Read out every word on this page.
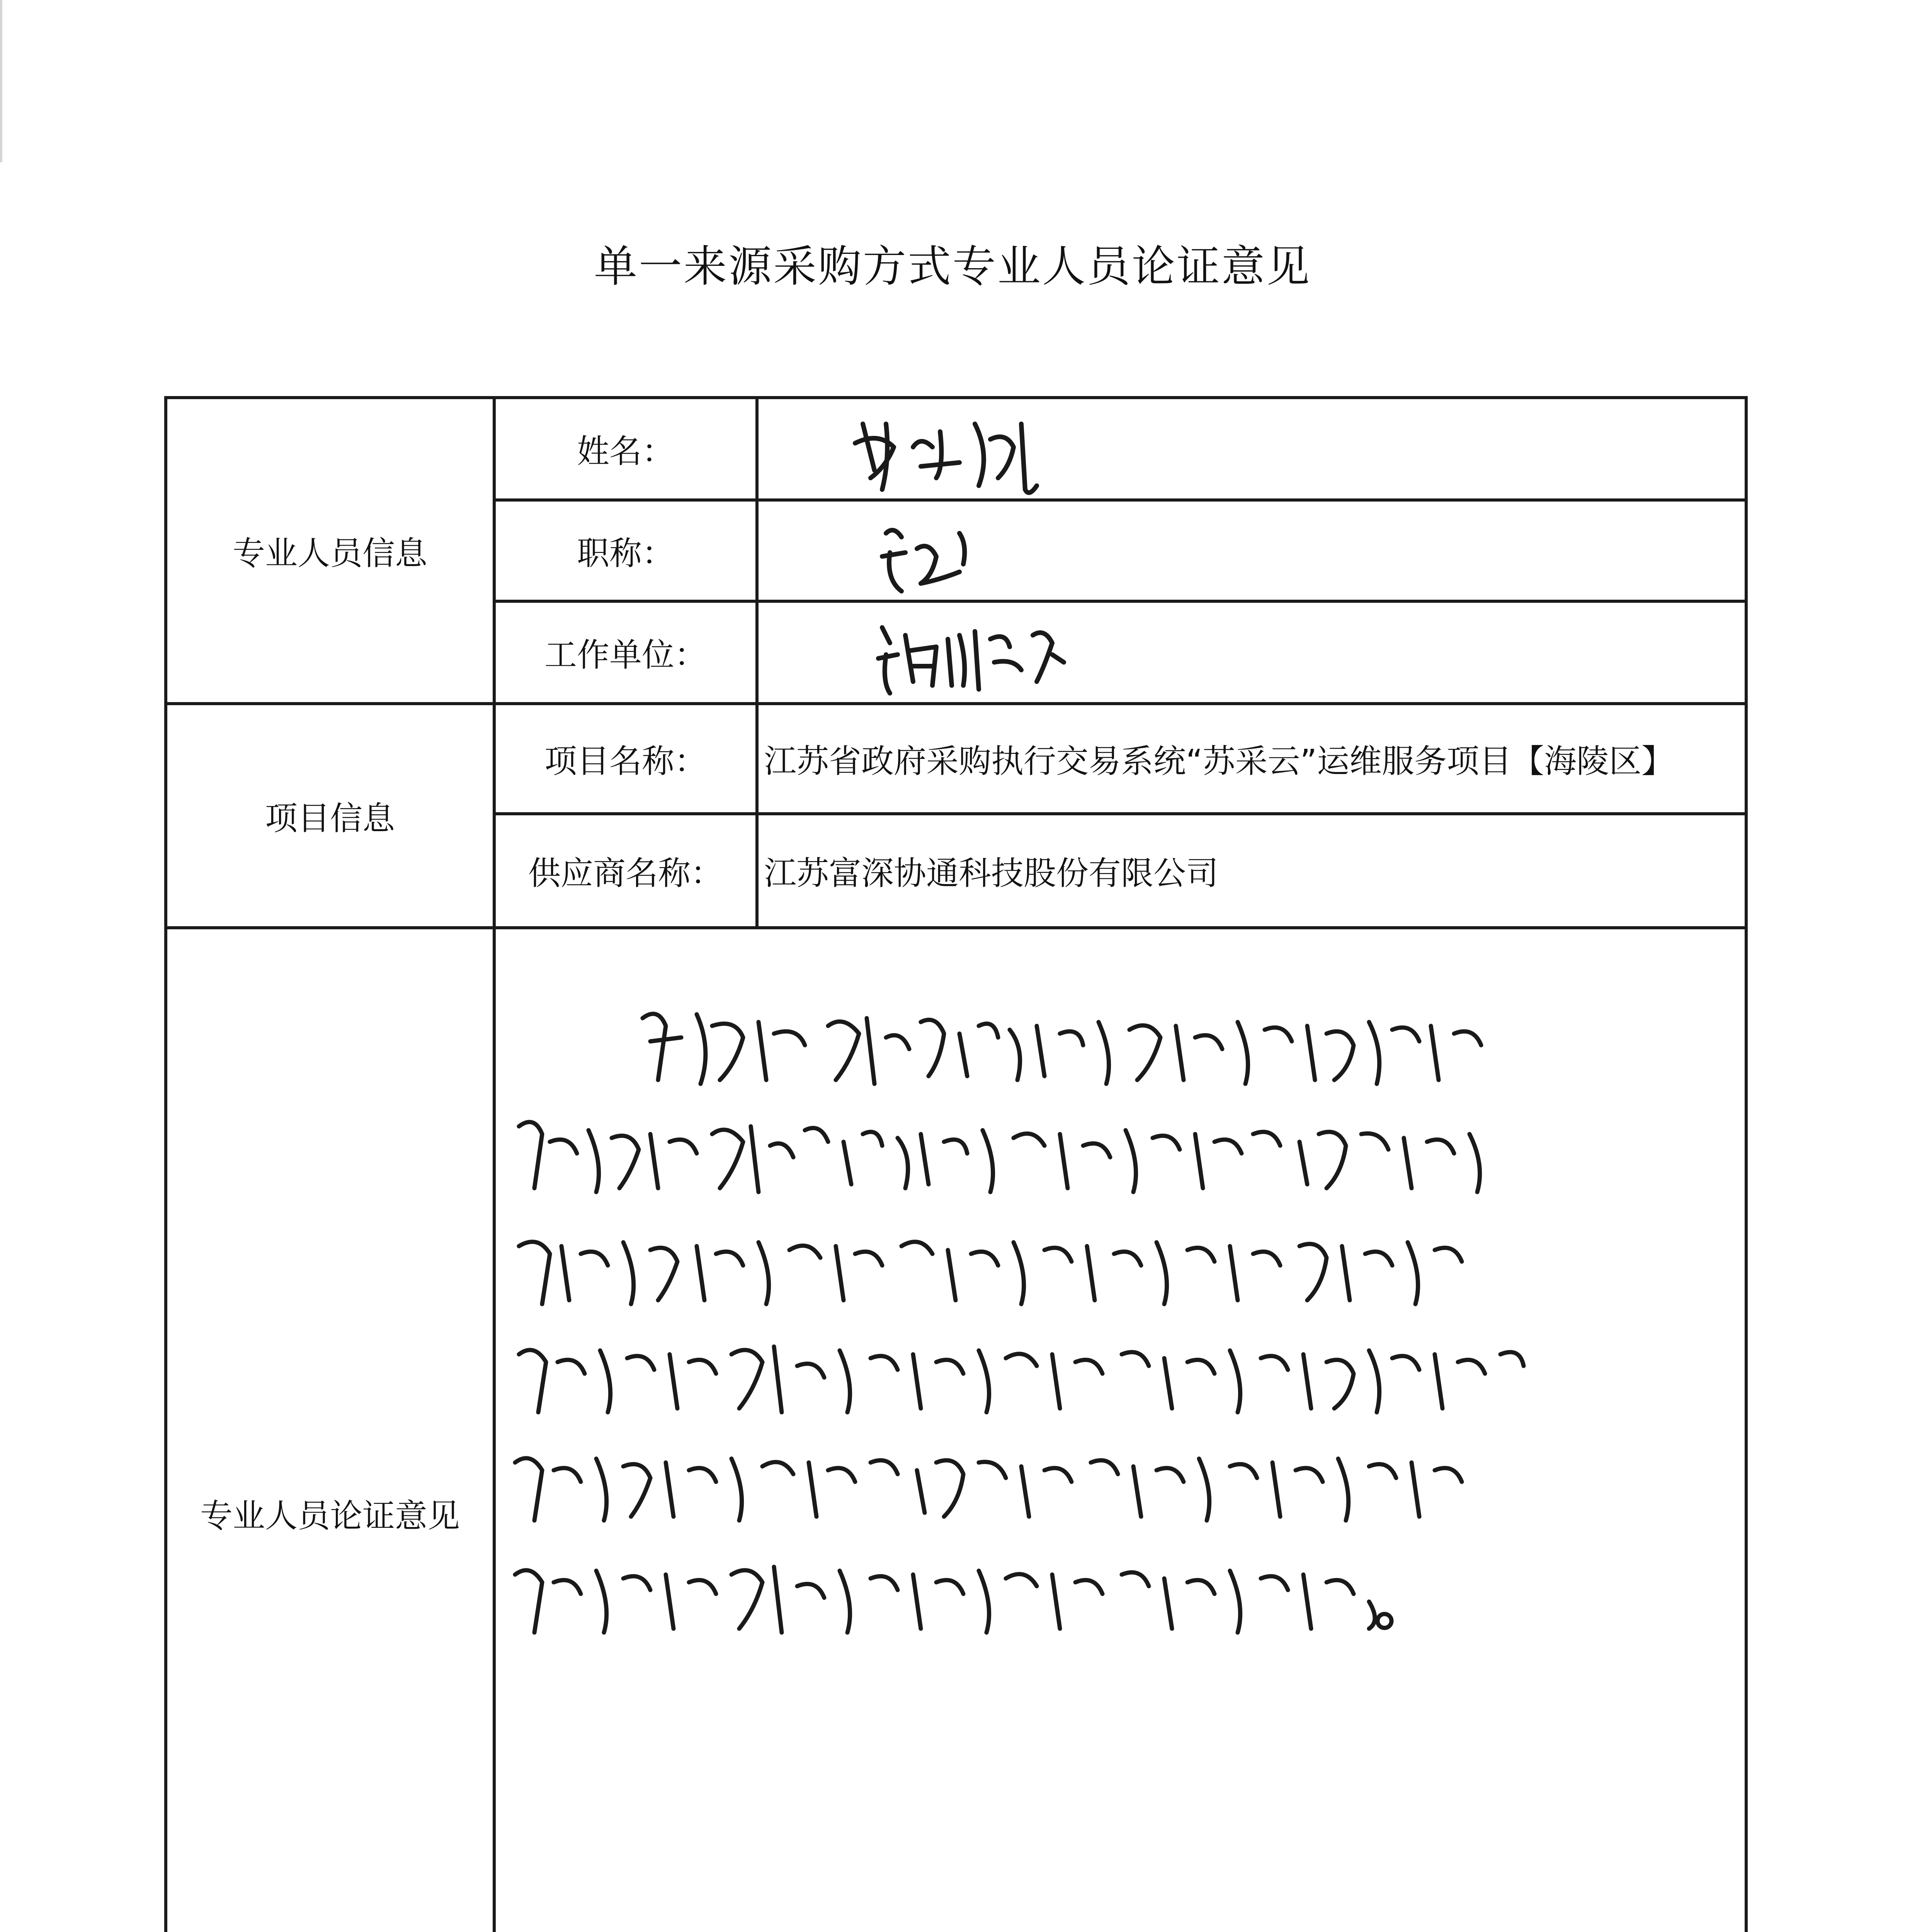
单一来源采购方式专业人员论证意见
专业人员信息	姓名：	

	职称：	

	工作单位：	

项目信息	项目名称：	江苏省政府采购执行交易系统“苏采云”运维服务项目【海陵区】	
	供应商名称：	江苏富深协通科技股份有限公司	
专业人员论证意见	
